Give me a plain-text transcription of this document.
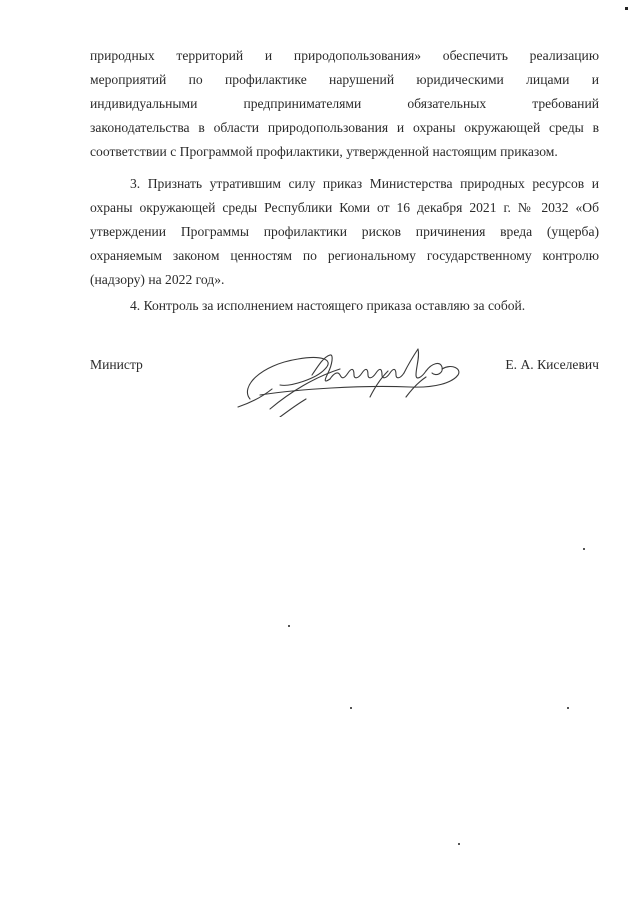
природных территорий и природопользования» обеспечить реализацию
мероприятий по профилактике нарушений юридическими лицами и
индивидуальными предпринимателями обязательных требований
законодательства в области природопользования и охраны окружающей среды в
соответствии с Программой профилактики, утвержденной настоящим приказом.
3. Признать утратившим силу приказ Министерства природных ресурсов и
охраны окружающей среды Республики Коми от 16 декабря 2021 г. № 2032 «Об
утверждении Программы профилактики рисков причинения вреда (ущерба)
охраняемым законом ценностям по региональному государственному контролю
(надзору) на 2022 год».
4. Контроль за исполнением настоящего приказа оставляю за собой.
Министр	Е. А. Киселевич
